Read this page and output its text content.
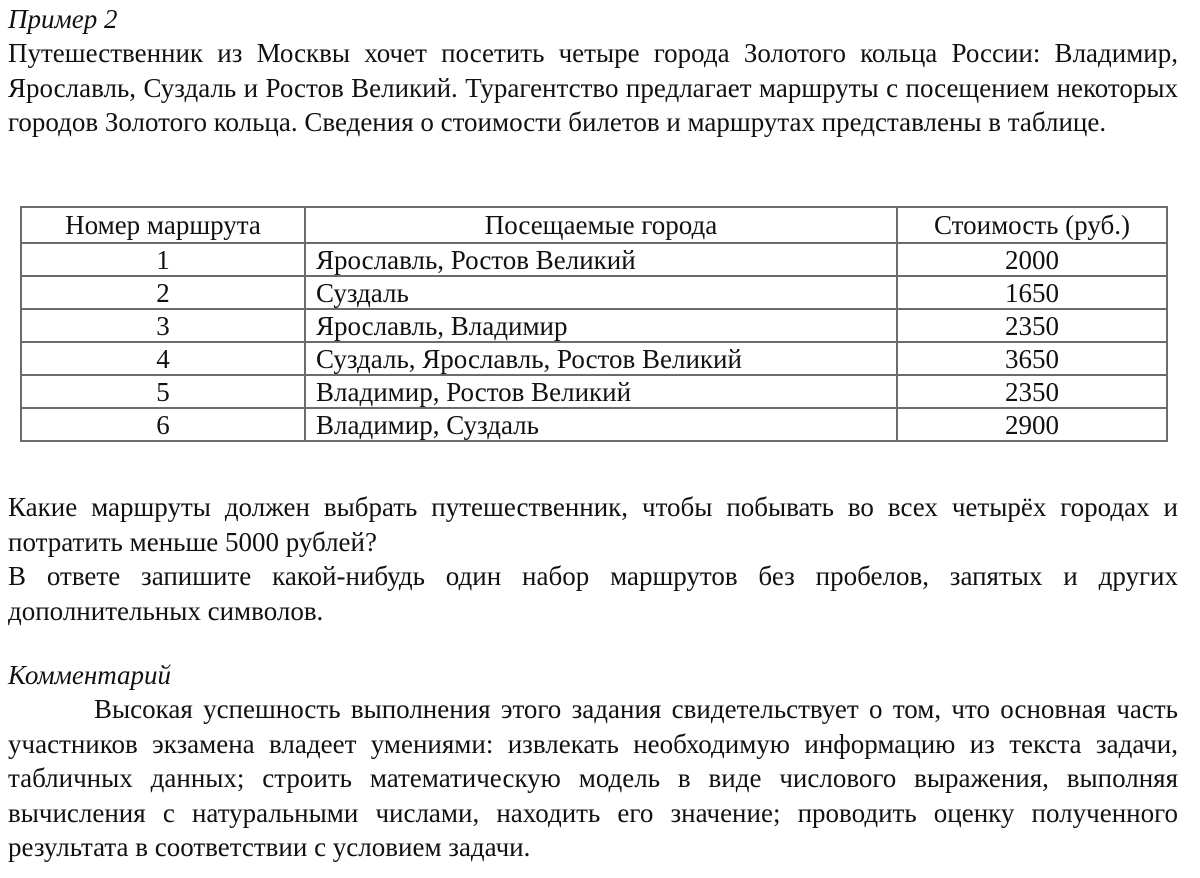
Пример 2

Путешественник из Москвы хочет посетить четыре города Золотого кольца России: Владимир, Ярославль, Суздаль и Ростов Великий. Турагентство предлагает маршруты с посещением некоторых городов Золотого кольца. Сведения о стоимости билетов и маршрутах представлены в таблице.

Номер маршрута	Посещаемые города	Стоимость (руб.)
1	Ярославль, Ростов Великий	2000
2	Суздаль	1650
3	Ярославль, Владимир	2350
4	Суздаль, Ярославль, Ростов Великий	3650
5	Владимир, Ростов Великий	2350
6	Владимир, Суздаль	2900

Какие маршруты должен выбрать путешественник, чтобы побывать во всех четырёх городах и потратить меньше 5000 рублей?

В ответе запишите какой-нибудь один набор маршрутов без пробелов, запятых и других дополнительных символов.

Комментарий

Высокая успешность выполнения этого задания свидетельствует о том, что основная часть участников экзамена владеет умениями: извлекать необходимую информацию из текста задачи, табличных данных; строить математическую модель в виде числового выражения, выполняя вычисления с натуральными числами, находить его значение; проводить оценку полученного результата в соответствии с условием задачи.
